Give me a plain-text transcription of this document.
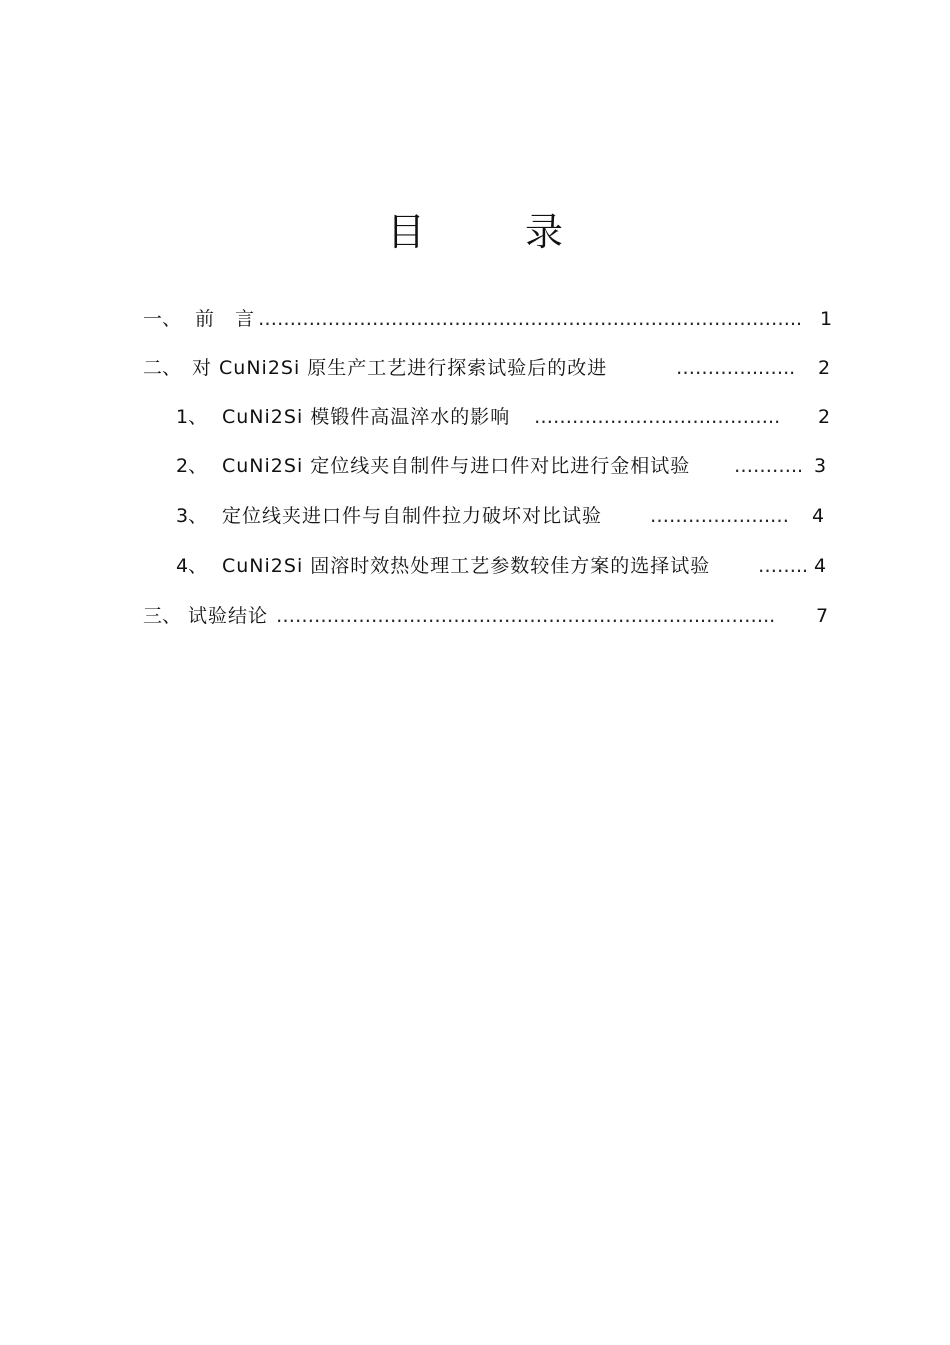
目 录
一、 前　言 ………………………………………………………………………….. 1
二、 对 CuNi2Si 原生产工艺进行探索试验后的改进	…………..….. 2
1、 CuNi2Si 模锻件高温淬水的影响 ……………………….……….. 2
2、 CuNi2Si 定位线夹自制件与进口件对比进行金相试验 ……….. 3
3、 定位线夹进口件与自制件拉力破坏对比试验	……………….… 4
4、 CuNi2Si 固溶时效热处理工艺参数较佳方案的选择试验	…….. 4
三、 试验结论 …………………………………………………………..……….. 7
